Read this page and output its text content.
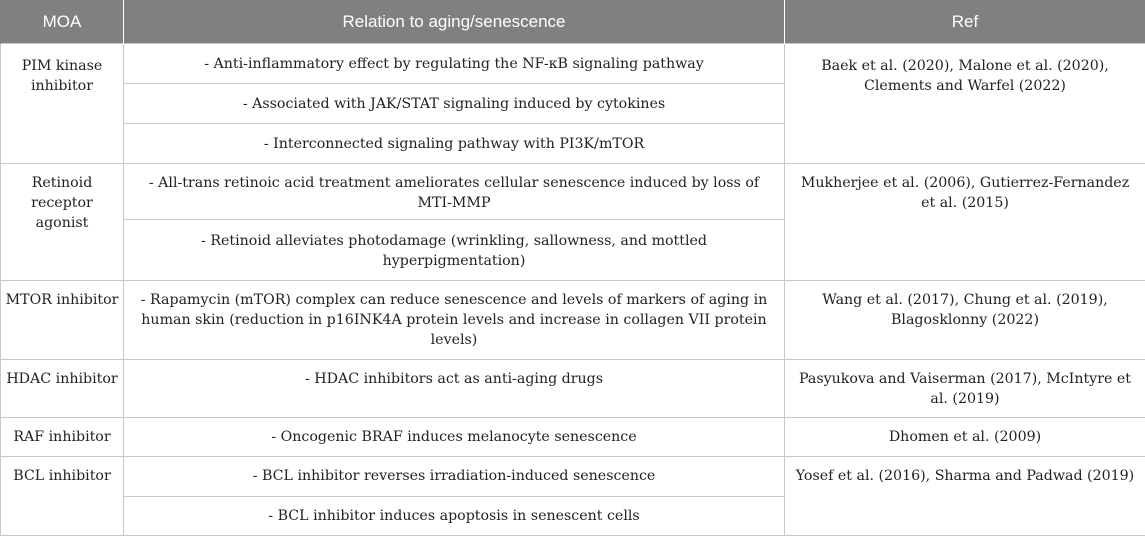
MOA	Relation to aging/senescence	Ref
PIM kinase inhibitor	- Anti-inflammatory effect by regulating the NF-κB signaling pathway	Baek et al. (2020), Malone et al. (2020), Clements and Warfel (2022)
	- Associated with JAK/STAT signaling induced by cytokines	
	- Interconnected signaling pathway with PI3K/mTOR	
Retinoid receptor agonist	- All-trans retinoic acid treatment ameliorates cellular senescence induced by loss of MTI-MMP	Mukherjee et al. (2006), Gutierrez-Fernandez et al. (2015)
	- Retinoid alleviates photodamage (wrinkling, sallowness, and mottled hyperpigmentation)	
MTOR inhibitor	- Rapamycin (mTOR) complex can reduce senescence and levels of markers of aging in human skin (reduction in p16INK4A protein levels and increase in collagen VII protein levels)	Wang et al. (2017), Chung et al. (2019), Blagosklonny (2022)
HDAC inhibitor	- HDAC inhibitors act as anti-aging drugs	Pasyukova and Vaiserman (2017), McIntyre et al. (2019)
RAF inhibitor	- Oncogenic BRAF induces melanocyte senescence	Dhomen et al. (2009)
BCL inhibitor	- BCL inhibitor reverses irradiation-induced senescence	Yosef et al. (2016), Sharma and Padwad (2019)
	- BCL inhibitor induces apoptosis in senescent cells	
